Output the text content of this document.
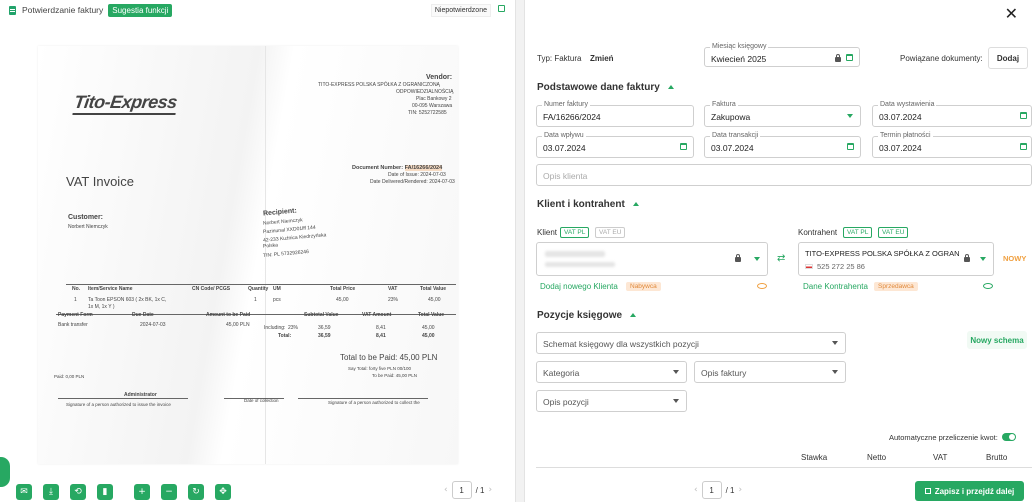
Potwierdzanie faktury	Sugestia funkcji	Niepotwierdzone
Vendor:
TITO-EXPRESS POLSKA SPÓŁKA Z OGRANICZONĄ
ODPOWIEDZIALNOŚCIĄ
Plac Bankowy 2
00-095 Warszawa
TIN: 5252722585
Tito-Express
VAT Invoice
Document Number: FA/16266/2024
Date of Issue: 2024-07-03
Date Delivered/Rendered: 2024-07-03
Customer:
Norbert Niemczyk
Recipient:
Norbert Niemczyk
Pazinunal XXD01lff 144
42-233 Kuźnica Kiedrzyńska
Polska
TIN: PL 5732926246
No. Item/Service Name	CN Code/ PCGS	Quantity UM	Total Price	VAT	Total Value
1 Ta Toon EPSON 603 ( 2x BK, 1x C, 1x M, 1x Y )
1	pcs	45,00	23%	45,00
Payment Form	Due Date	Amount to be Paid	Subtotal Value	VAT Amount	Total Value
Bank transfer	2024-07-03	45,00 PLN	Including: 23%	36,59	8,41	45,00
Total:	36,59	8,41	45,00
Total to be Paid: 45,00 PLN
Say Total: forty five PLN 00/100
To be Paid: 45,00 PLN
Paid: 0,00 PLN
Administrator
Signature of a person authorized to issue the invoice
Date of collection	Signature of a person authorized to collect the
✉	⤓	⟲	▮	+	−	↻	✥	‹	1	/ 1 ›
✕
Typ: Faktura Zmień
Miesiąc księgowy
Kwiecień 2025	Powiązane dokumenty:	Dodaj
Podstawowe dane faktury
Numer faktury
FA/16266/2024
Faktura
Zakupowa
Data wystawienia
03.07.2024
Data wpływu
03.07.2024
Data transakcji
03.07.2024
Termin płatności
03.07.2024
Opis klienta
Klient i kontrahent
Klient	VAT PL	VAT EU
⇄
Kontrahent	VAT PL	VAT EU
TITO-EXPRESS POLSKA SPÓŁKA Z OGRAN
525 272 25 86
NOWY
Dodaj nowego Klienta	Nabywca	Dane Kontrahenta	Sprzedawca
Pozycje księgowe
Nowy schema
Schemat księgowy dla wszystkich pozycji
Kategoria	Opis faktury
Opis pozycji
Automatyczne przeliczenie kwot:
Stawka	Netto	VAT	Brutto
‹	1	/ 1 ›	Zapisz i przejdź dalej
